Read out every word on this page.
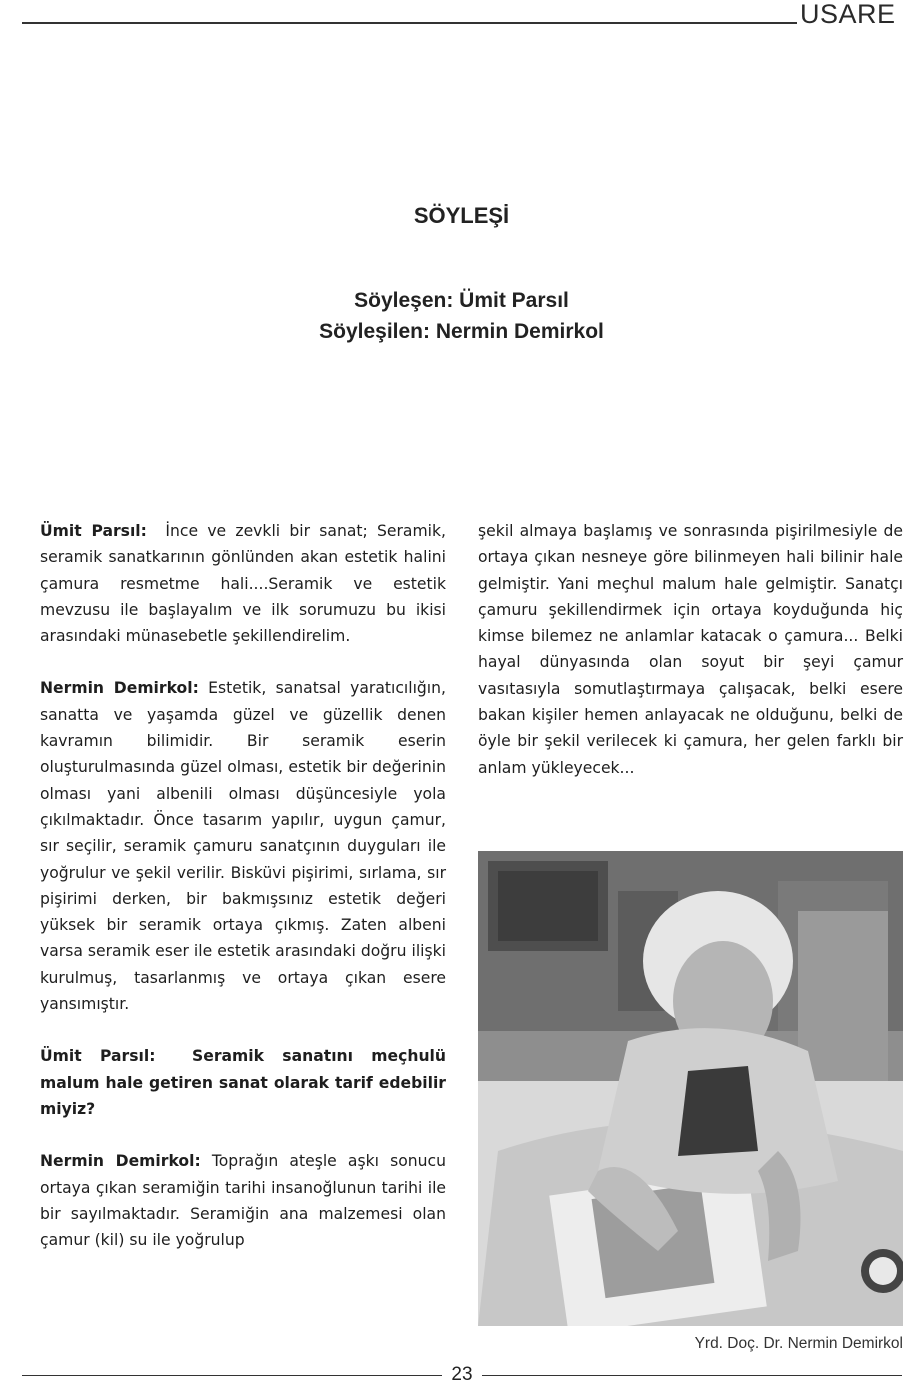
USARE
SÖYLEŞİ
Söyleşen: Ümit Parsıl
Söyleşilen: Nermin Demirkol

Ümit Parsıl: İnce ve zevkli bir sanat; Seramik, seramik sanatkarının gönlünden akan estetik halini çamura resmetme hali....Seramik ve estetik mevzusu ile başlayalım ve ilk sorumuzu bu ikisi arasındaki münasebetle şekillendirelim.

Nermin Demirkol: Estetik, sanatsal yaratıcılığın, sanatta ve yaşamda güzel ve güzellik denen kavramın bilimidir. Bir seramik eserin oluşturulmasında güzel olması, estetik bir değerinin olması yani albenili olması düşüncesiyle yola çıkılmaktadır. Önce tasarım yapılır, uygun çamur, sır seçilir, seramik çamuru sanatçının duyguları ile yoğrulur ve şekil verilir. Bisküvi pişirimi, sırlama, sır pişirimi derken, bir bakmışsınız estetik değeri yüksek bir seramik ortaya çıkmış. Zaten albeni varsa seramik eser ile estetik arasındaki doğru ilişki kurulmuş, tasarlanmış ve ortaya çıkan esere yansımıştır.

Ümit Parsıl: Seramik sanatını meçhulü malum hale getiren sanat olarak tarif edebilir miyiz?

Nermin Demirkol: Toprağın ateşle aşkı sonucu ortaya çıkan seramiğin tarihi insanoğlunun tarihi ile bir sayılmaktadır. Seramiğin ana malzemesi olan çamur (kil) su ile yoğrulup

şekil almaya başlamış ve sonrasında pişirilmesiyle de ortaya çıkan nesneye göre bilinmeyen hali bilinir hale gelmiştir. Yani meçhul malum hale gelmiştir. Sanatçı çamuru şekillendirmek için ortaya koyduğunda hiç kimse bilemez ne anlamlar katacak o çamura... Belki hayal dünyasında olan soyut bir şeyi çamur vasıtasıyla somutlaştırmaya çalışacak, belki esere bakan kişiler hemen anlayacak ne olduğunu, belki de öyle bir şekil verilecek ki çamura, her gelen farklı bir anlam yükleyecek...

Yrd. Doç. Dr. Nermin Demirkol
23
